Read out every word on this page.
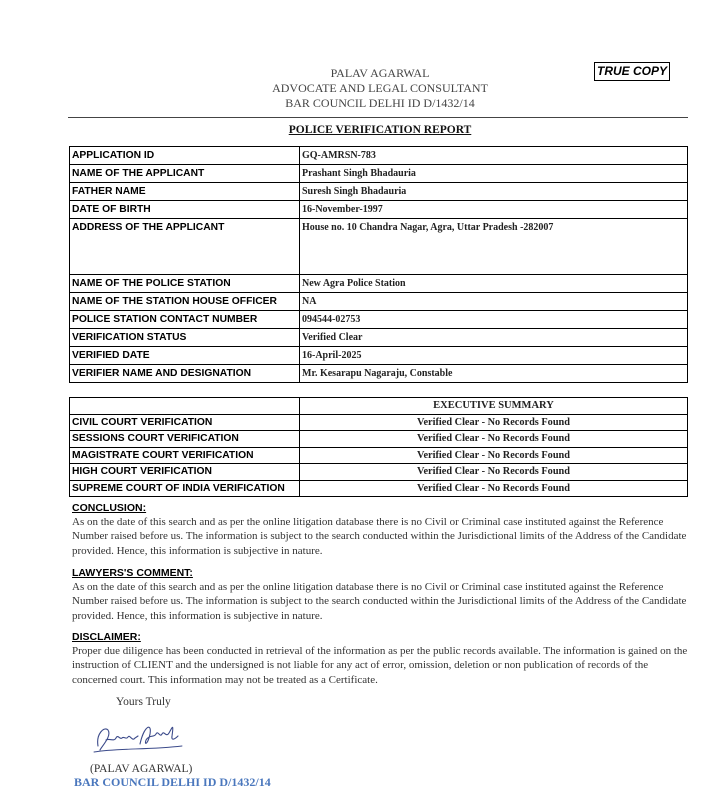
TRUE COPY
PALAV AGARWAL
ADVOCATE AND LEGAL CONSULTANT
BAR COUNCIL DELHI ID D/1432/14
POLICE VERIFICATION REPORT
APPLICATION ID	GQ-AMRSN-783
NAME OF THE APPLICANT	Prashant Singh Bhadauria
FATHER NAME	Suresh Singh Bhadauria
DATE OF BIRTH	16-November-1997
ADDRESS OF THE APPLICANT	House no. 10 Chandra Nagar, Agra, Uttar Pradesh -282007
NAME OF THE POLICE STATION	New Agra Police Station
NAME OF THE STATION HOUSE OFFICER	NA
POLICE STATION CONTACT NUMBER	094544-02753
VERIFICATION STATUS	Verified Clear
VERIFIED DATE	16-April-2025
VERIFIER NAME AND DESIGNATION	Mr. Kesarapu Nagaraju, Constable
	EXECUTIVE SUMMARY
CIVIL COURT VERIFICATION	Verified Clear - No Records Found
SESSIONS COURT VERIFICATION	Verified Clear - No Records Found
MAGISTRATE COURT VERIFICATION	Verified Clear - No Records Found
HIGH COURT VERIFICATION	Verified Clear - No Records Found
SUPREME COURT OF INDIA VERIFICATION	Verified Clear - No Records Found
CONCLUSION:
As on the date of this search and as per the online litigation database there is no Civil or Criminal case instituted against the Reference Number raised before us. The information is subject to the search conducted within the Jurisdictional limits of the Address of the Candidate provided. Hence, this information is subjective in nature.
LAWYERS'S COMMENT:
As on the date of this search and as per the online litigation database there is no Civil or Criminal case instituted against the Reference Number raised before us. The information is subject to the search conducted within the Jurisdictional limits of the Address of the Candidate provided. Hence, this information is subjective in nature.
DISCLAIMER:
Proper due diligence has been conducted in retrieval of the information as per the public records available. The information is gained on the instruction of CLIENT and the undersigned is not liable for any act of error, omission, deletion or non publication of records of the concerned court. This information may not be treated as a Certificate.
Yours Truly
(PALAV AGARWAL)
BAR COUNCIL DELHI ID D/1432/14
